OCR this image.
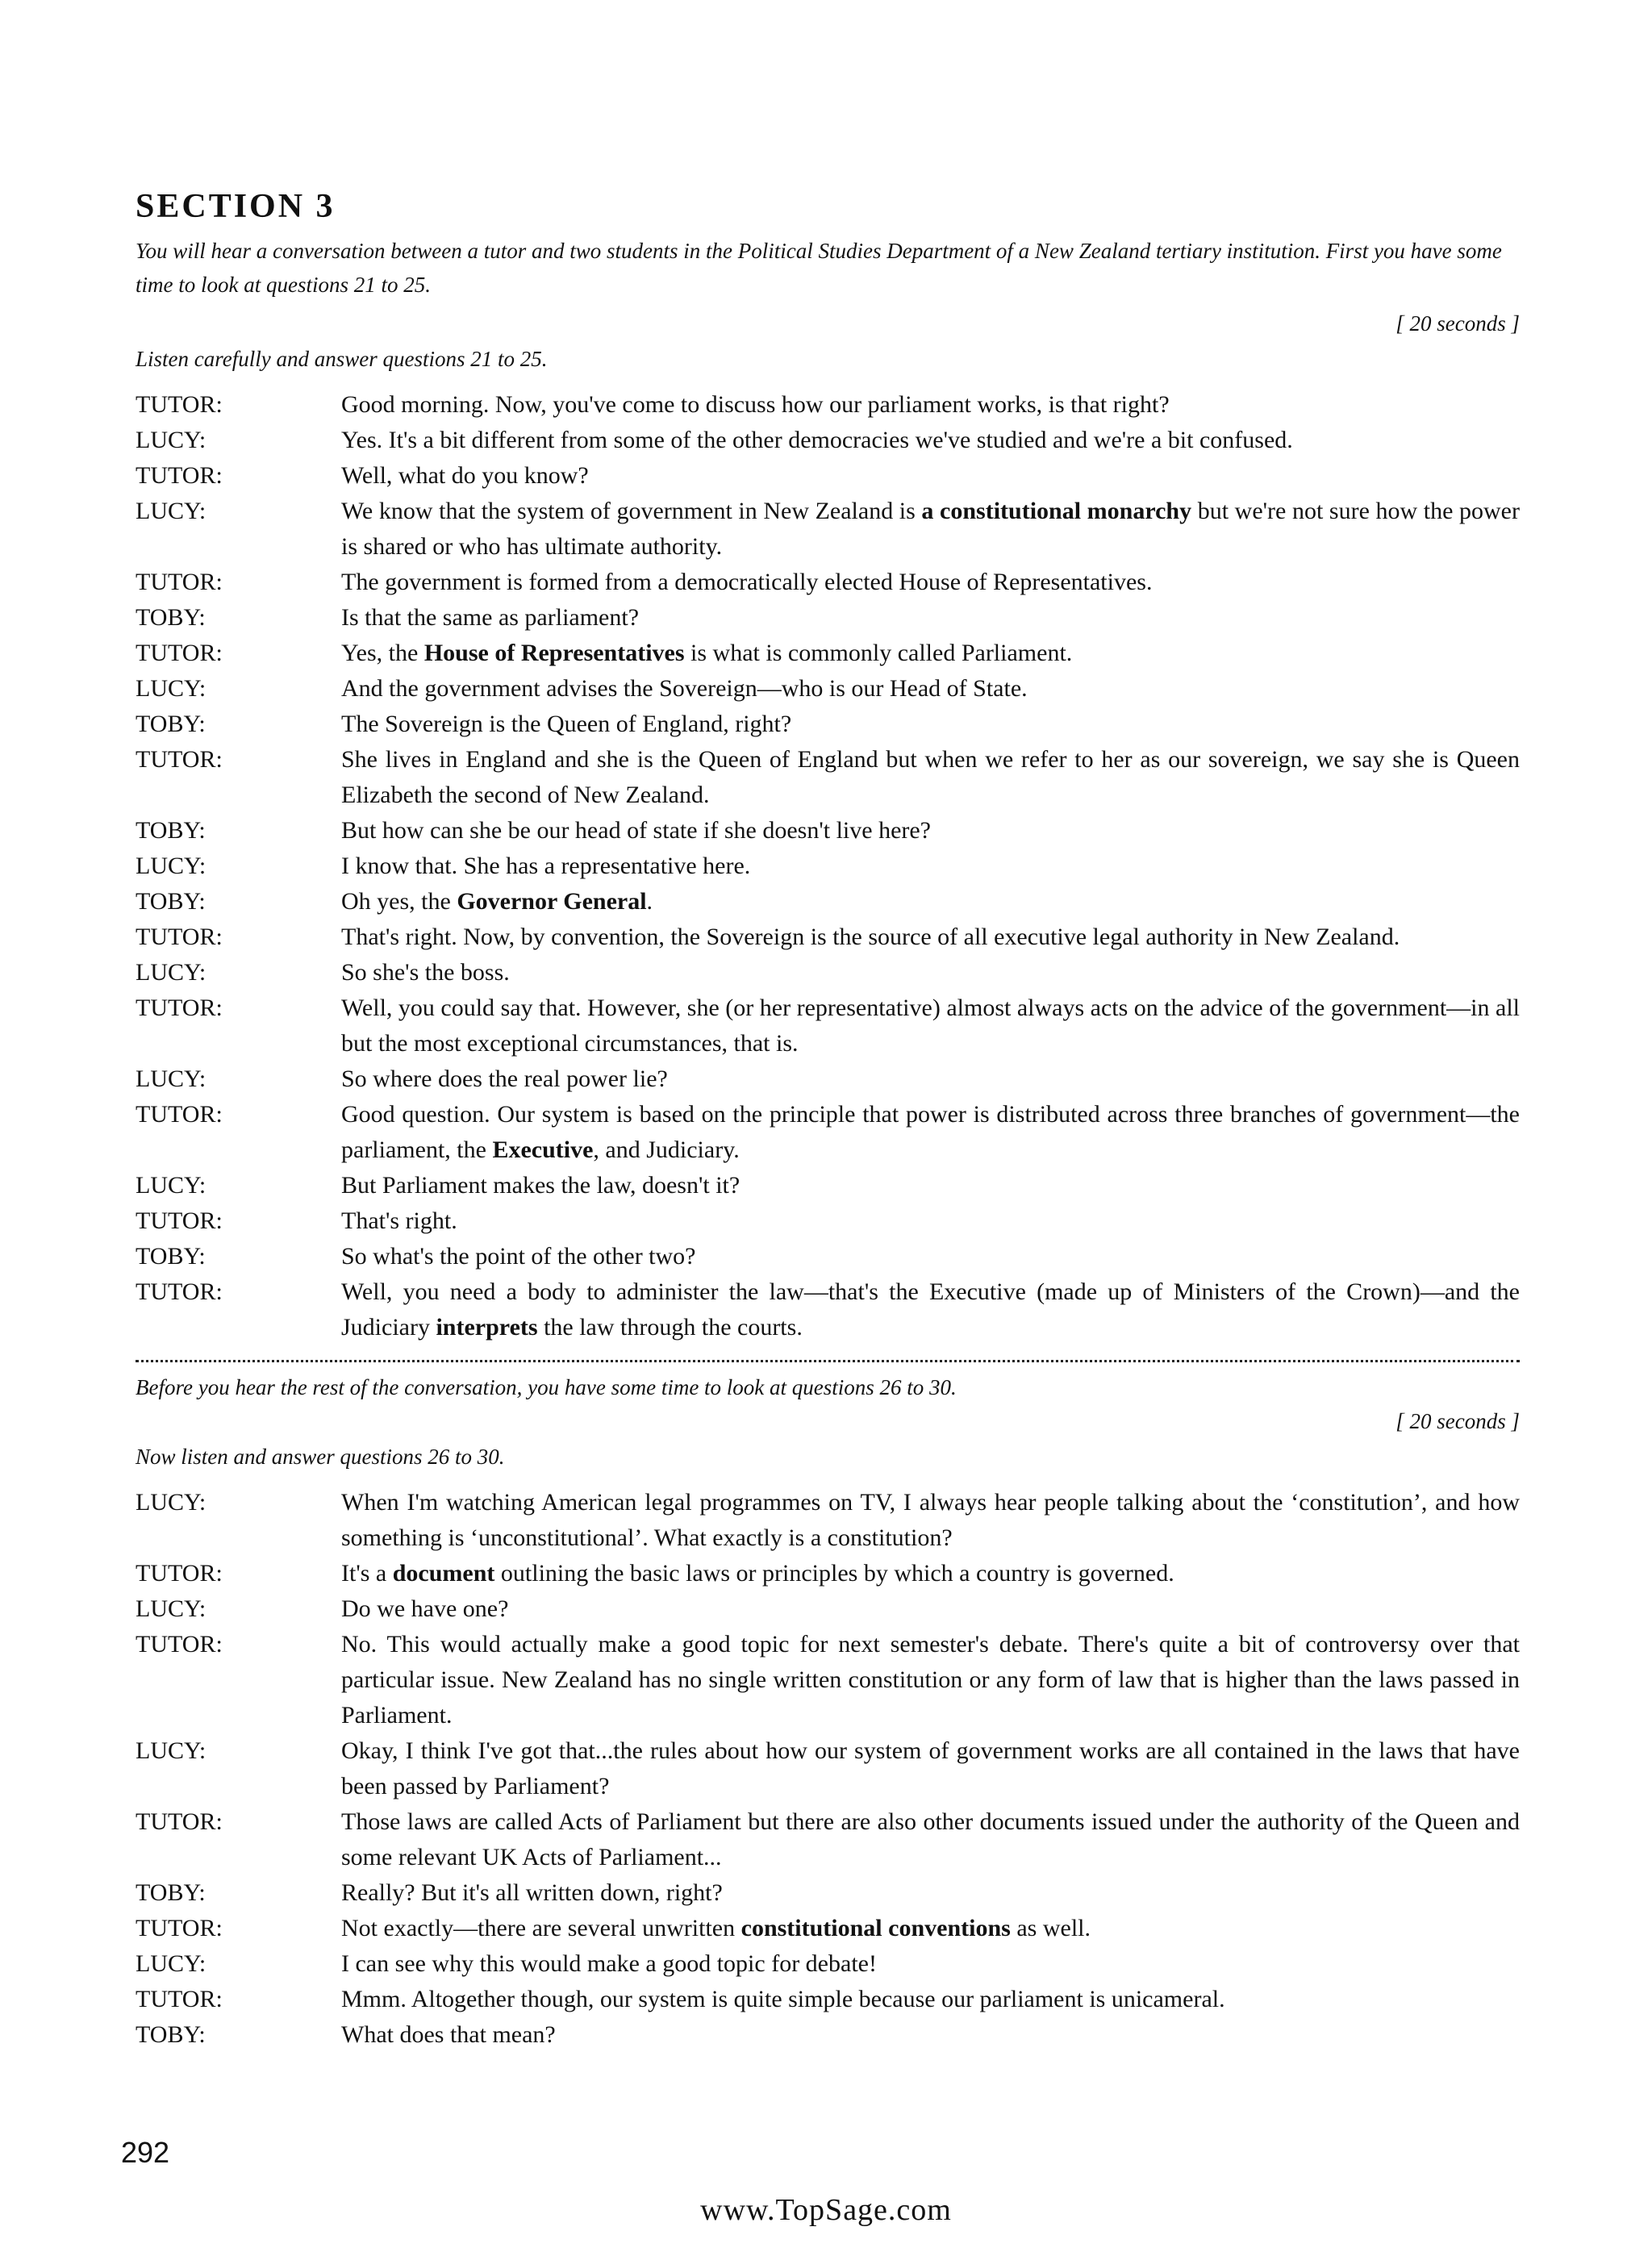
SECTION 3

You will hear a conversation between a tutor and two students in the Political Studies Department of a New Zealand tertiary institution. First you have some time to look at questions 21 to 25.

[ 20 seconds ]

Listen carefully and answer questions 21 to 25.

TUTOR:	Good morning. Now, you've come to discuss how our parliament works, is that right?
LUCY:	Yes. It's a bit different from some of the other democracies we've studied and we're a bit confused.
TUTOR:	Well, what do you know?
LUCY:	We know that the system of government in New Zealand is a constitutional monarchy but we're not sure how the power is shared or who has ultimate authority.
TUTOR:	The government is formed from a democratically elected House of Representatives.
TOBY:	Is that the same as parliament?
TUTOR:	Yes, the House of Representatives is what is commonly called Parliament.
LUCY:	And the government advises the Sovereign—who is our Head of State.
TOBY:	The Sovereign is the Queen of England, right?
TUTOR:	She lives in England and she is the Queen of England but when we refer to her as our sovereign, we say she is Queen Elizabeth the second of New Zealand.
TOBY:	But how can she be our head of state if she doesn't live here?
LUCY:	I know that. She has a representative here.
TOBY:	Oh yes, the Governor General.
TUTOR:	That's right. Now, by convention, the Sovereign is the source of all executive legal authority in New Zealand.
LUCY:	So she's the boss.
TUTOR:	Well, you could say that. However, she (or her representative) almost always acts on the advice of the government—in all but the most exceptional circumstances, that is.
LUCY:	So where does the real power lie?
TUTOR:	Good question. Our system is based on the principle that power is distributed across three branches of government—the parliament, the Executive, and Judiciary.
LUCY:	But Parliament makes the law, doesn't it?
TUTOR:	That's right.
TOBY:	So what's the point of the other two?
TUTOR:	Well, you need a body to administer the law—that's the Executive (made up of Ministers of the Crown)—and the Judiciary interprets the law through the courts.

Before you hear the rest of the conversation, you have some time to look at questions 26 to 30.

[ 20 seconds ]

Now listen and answer questions 26 to 30.

LUCY:	When I'm watching American legal programmes on TV, I always hear people talking about the ‘constitution’, and how something is ‘unconstitutional’. What exactly is a constitution?
TUTOR:	It's a document outlining the basic laws or principles by which a country is governed.
LUCY:	Do we have one?
TUTOR:	No. This would actually make a good topic for next semester's debate. There's quite a bit of controversy over that particular issue. New Zealand has no single written constitution or any form of law that is higher than the laws passed in Parliament.
LUCY:	Okay, I think I've got that...the rules about how our system of government works are all contained in the laws that have been passed by Parliament?
TUTOR:	Those laws are called Acts of Parliament but there are also other documents issued under the authority of the Queen and some relevant UK Acts of Parliament...
TOBY:	Really? But it's all written down, right?
TUTOR:	Not exactly—there are several unwritten constitutional conventions as well.
LUCY:	I can see why this would make a good topic for debate!
TUTOR:	Mmm. Altogether though, our system is quite simple because our parliament is unicameral.
TOBY:	What does that mean?
292
www.TopSage.com
